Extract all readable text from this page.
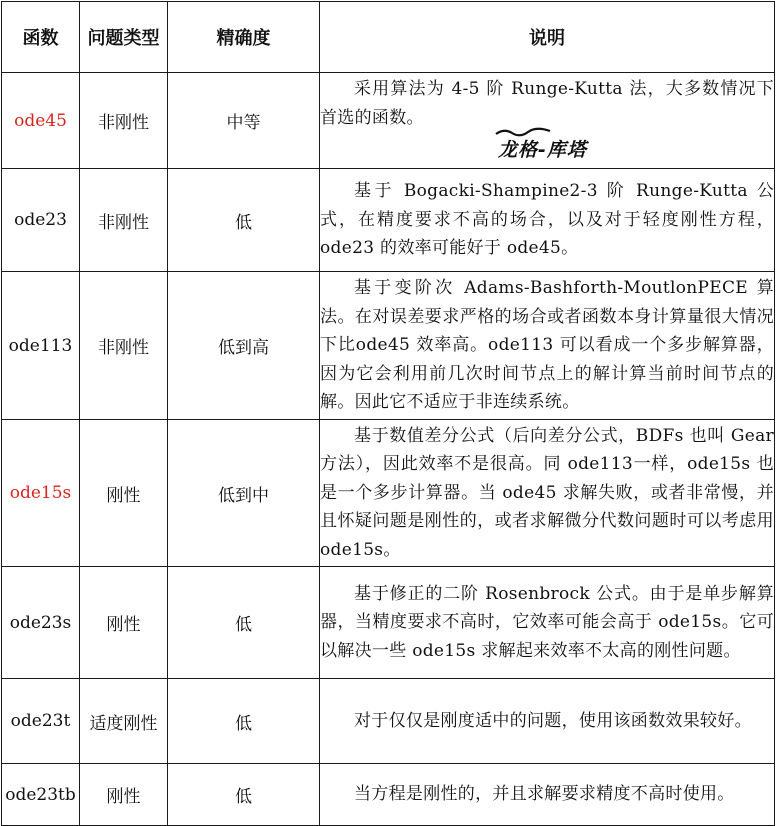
函数	问题类型	精确度	说明
ode45	非刚性	中等	采用算法为 4-5 阶 Runge-Kutta 法，大多数情况下首选的函数。
龙格-库塔

ode23	非刚性	低	基于 Bogacki-Shampine2-3 阶 Runge-Kutta 公式，在精度要求不高的场合，以及对于轻度刚性方程，ode23 的效率可能好于 ode45。
ode113	非刚性	低到高	基于变阶次 Adams-Bashforth-MoutlonPECE 算法。在对误差要求严格的场合或者函数本身计算量很大情况下比ode45 效率高。ode113 可以看成一个多步解算器，因为它会利用前几次时间节点上的解计算当前时间节点的解。因此它不适应于非连续系统。
ode15s	刚性	低到中	基于数值差分公式（后向差分公式，BDFs 也叫 Gear 方法），因此效率不是很高。同 ode113一样，ode15s 也是一个多步计算器。当 ode45 求解失败，或者非常慢，并且怀疑问题是刚性的，或者求解微分代数问题时可以考虑用ode15s。
ode23s	刚性	低	基于修正的二阶 Rosenbrock 公式。由于是单步解算器，当精度要求不高时，它效率可能会高于 ode15s。它可以解决一些 ode15s 求解起来效率不太高的刚性问题。
ode23t	适度刚性	低	对于仅仅是刚度适中的问题，使用该函数效果较好。
ode23tb	刚性	低	当方程是刚性的，并且求解要求精度不高时使用。
